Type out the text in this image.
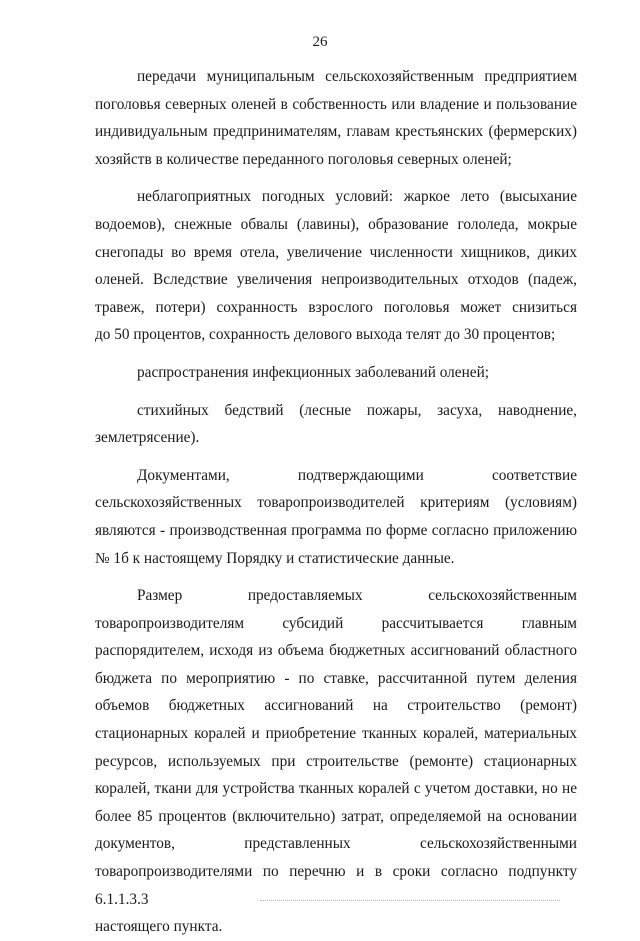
26

передачи муниципальным сельскохозяйственным предприятием

поголовья северных оленей в собственность или владение и пользование

индивидуальным предпринимателям, главам крестьянских (фермерских)

хозяйств в количестве переданного поголовья северных оленей;

неблагоприятных погодных условий: жаркое лето (высыхание

водоемов), снежные обвалы (лавины), образование гололеда, мокрые

снегопады во время отела, увеличение численности хищников, диких

оленей. Вследствие увеличения непроизводительных отходов (падеж,

травеж, потери) сохранность взрослого поголовья может снизиться

до 50 процентов, сохранность делового выхода телят до 30 процентов;

распространения инфекционных заболеваний оленей;

стихийных бедствий (лесные пожары, засуха, наводнение,

землетрясение).

Документами, подтверждающими соответствие

сельскохозяйственных товаропроизводителей критериям (условиям)

являются - производственная программа по форме согласно приложению

№ 1б к настоящему Порядку и статистические данные.

Размер предоставляемых сельскохозяйственным

товаропроизводителям субсидий рассчитывается главным

распорядителем, исходя из объема бюджетных ассигнований областного

бюджета по мероприятию - по ставке, рассчитанной путем деления

объемов бюджетных ассигнований на строительство (ремонт)

стационарных коралей и приобретение тканных коралей, материальных

ресурсов, используемых при строительстве (ремонте) стационарных

коралей, ткани для устройства тканных коралей с учетом доставки, но не

более 85 процентов (включительно) затрат, определяемой на основании

документов, представленных сельскохозяйственными

товаропроизводителями по перечню и в сроки согласно подпункту 6.1.1.3.3

настоящего пункта.
